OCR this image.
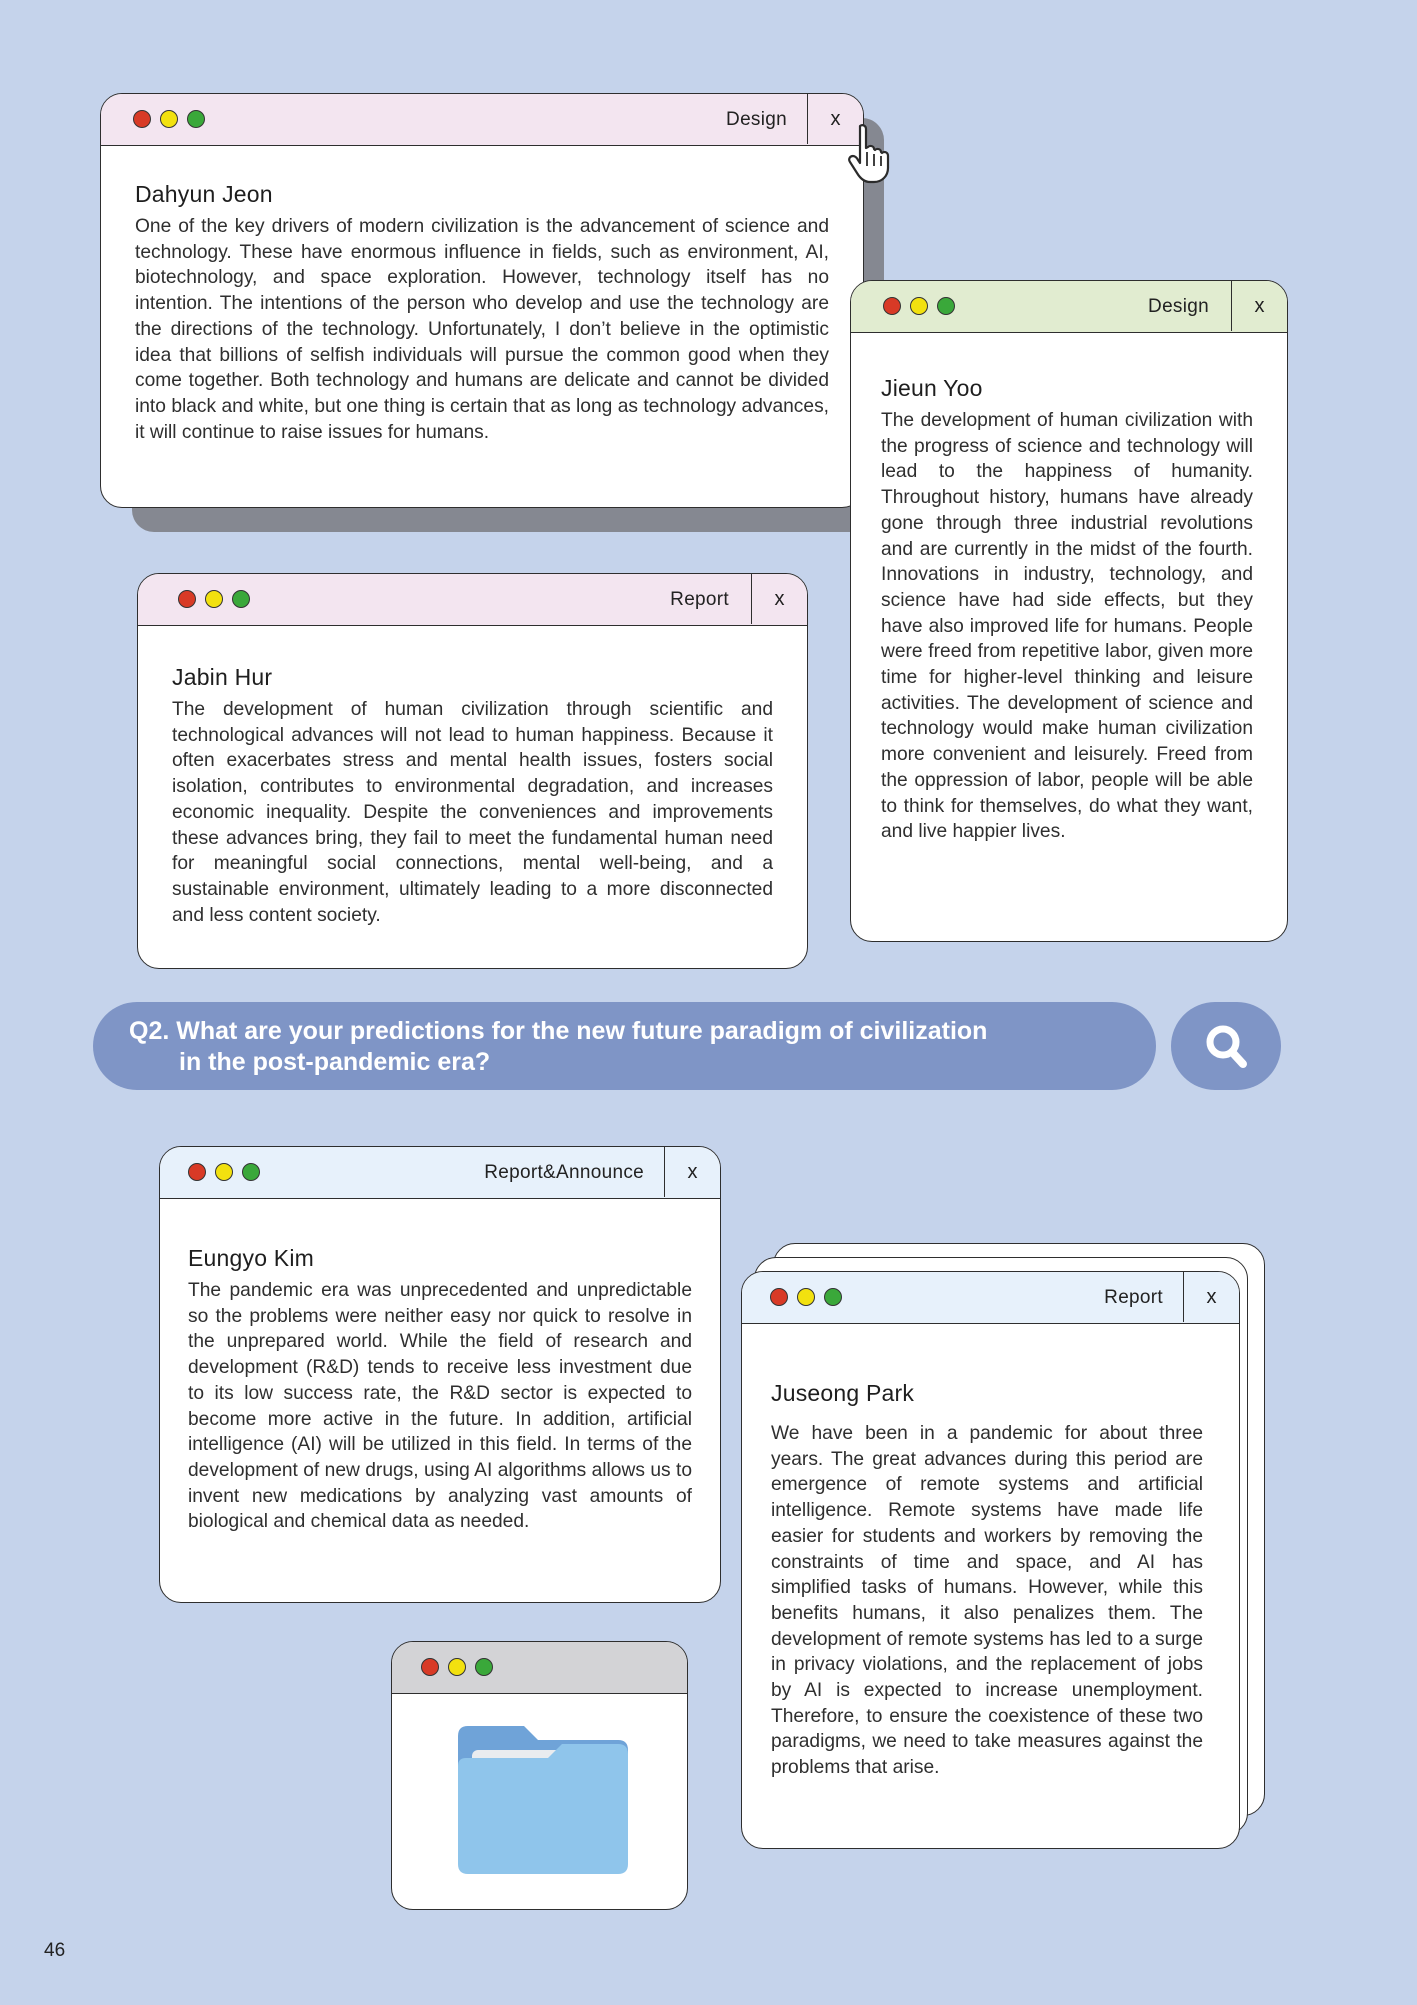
Design	x

Dahyun Jeon

One of the key drivers of modern civilization is the advancement of science and technology. These have enormous influence in fields, such as environment, AI, biotechnology, and space exploration. However, technology itself has no intention. The intentions of the person who develop and use the technology are the directions of the technology. Unfortunately, I don’t believe in the optimistic idea that billions of selfish individuals will pursue the common good when they come together. Both technology and humans are delicate and cannot be divided into black and white, but one thing is certain that as long as technology advances, it will continue to raise issues for humans.

Design	x

Jieun Yoo

The development of human civilization with the progress of science and technology will lead to the happiness of humanity. Throughout history, humans have already gone through three industrial revolutions and are currently in the midst of the fourth. Innovations in industry, technology, and science have had side effects, but they have also improved life for humans. People were freed from repetitive labor, given more time for higher-level thinking and leisure activities. The development of science and technology would make human civilization more convenient and leisurely. Freed from the oppression of labor, people will be able to think for themselves, do what they want, and live happier lives.

Report	x

Jabin Hur

The development of human civilization through scientific and technological advances will not lead to human happiness. Because it often exacerbates stress and mental health issues, fosters social isolation, contributes to environmental degradation, and increases economic inequality. Despite the conveniences and improvements these advances bring, they fail to meet the fundamental human need for meaningful social connections, mental well-being, and a sustainable environment, ultimately leading to a more disconnected and less content society.

Q2. What are your predictions for the new future paradigm of civilization
in the post-pandemic era?
Report&Announce	x

Eungyo Kim

The pandemic era was unprecedented and unpredictable so the problems were neither easy nor quick to resolve in the unprepared world. While the field of research and development (R&D) tends to receive less investment due to its low success rate, the R&D sector is expected to become more active in the future. In addition, artificial intelligence (AI) will be utilized in this field. In terms of the development of new drugs, using AI algorithms allows us to invent new medications by analyzing vast amounts of biological and chemical data as needed.

Report	x

Juseong Park

We have been in a pandemic for about three years. The great advances during this period are emergence of remote systems and artificial intelligence. Remote systems have made life easier for students and workers by removing the constraints of time and space, and AI has simplified tasks of humans. However, while this benefits humans, it also penalizes them. The development of remote systems has led to a surge in privacy violations, and the replacement of jobs by AI is expected to increase unemployment. Therefore, to ensure the coexistence of these two paradigms, we need to take measures against the problems that arise.

46
